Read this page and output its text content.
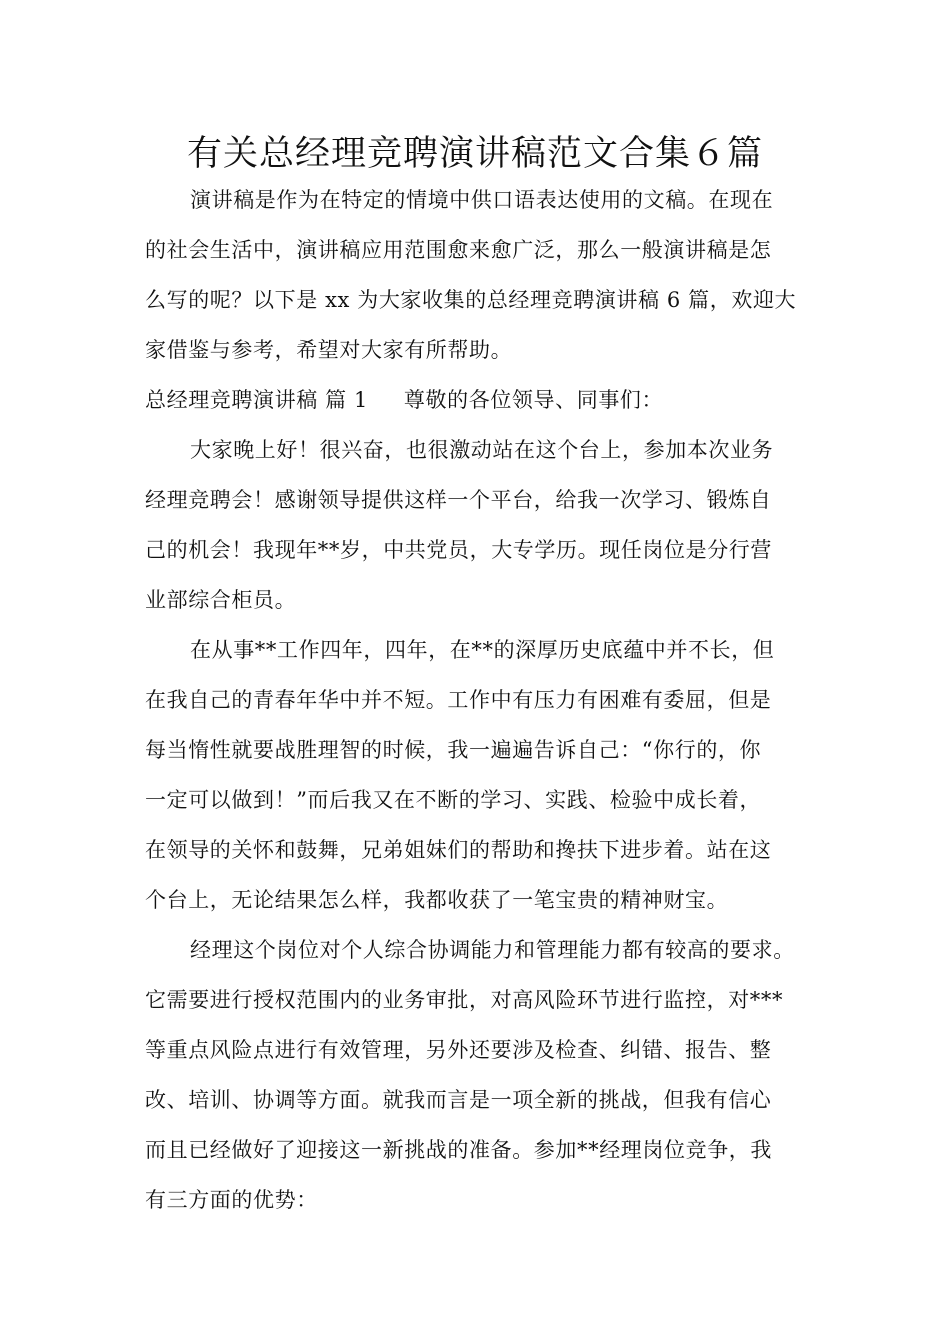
有关总经理竞聘演讲稿范文合集６篇
演讲稿是作为在特定的情境中供口语表达使用的文稿。在现在
的社会生活中，演讲稿应用范围愈来愈广泛，那么一般演讲稿是怎
么写的呢？以下是 xx 为大家收集的总经理竞聘演讲稿 6 篇，欢迎大
家借鉴与参考，希望对大家有所帮助。
总经理竞聘演讲稿 篇 1 尊敬的各位领导、同事们：
大家晚上好！很兴奋，也很激动站在这个台上，参加本次业务
经理竞聘会！感谢领导提供这样一个平台，给我一次学习、锻炼自
己的机会！我现年**岁，中共党员，大专学历。现任岗位是分行营
业部综合柜员。
在从事**工作四年，四年，在**的深厚历史底蕴中并不长，但
在我自己的青春年华中并不短。工作中有压力有困难有委屈，但是
每当惰性就要战胜理智的时候，我一遍遍告诉自己：“你行的，你
一定可以做到！”而后我又在不断的学习、实践、检验中成长着，
在领导的关怀和鼓舞，兄弟姐妹们的帮助和搀扶下进步着。站在这
个台上，无论结果怎么样，我都收获了一笔宝贵的精神财宝。
经理这个岗位对个人综合协调能力和管理能力都有较高的要求。
它需要进行授权范围内的业务审批，对高风险环节进行监控，对***
等重点风险点进行有效管理，另外还要涉及检查、纠错、报告、整
改、培训、协调等方面。就我而言是一项全新的挑战，但我有信心
而且已经做好了迎接这一新挑战的准备。参加**经理岗位竞争，我
有三方面的优势：
